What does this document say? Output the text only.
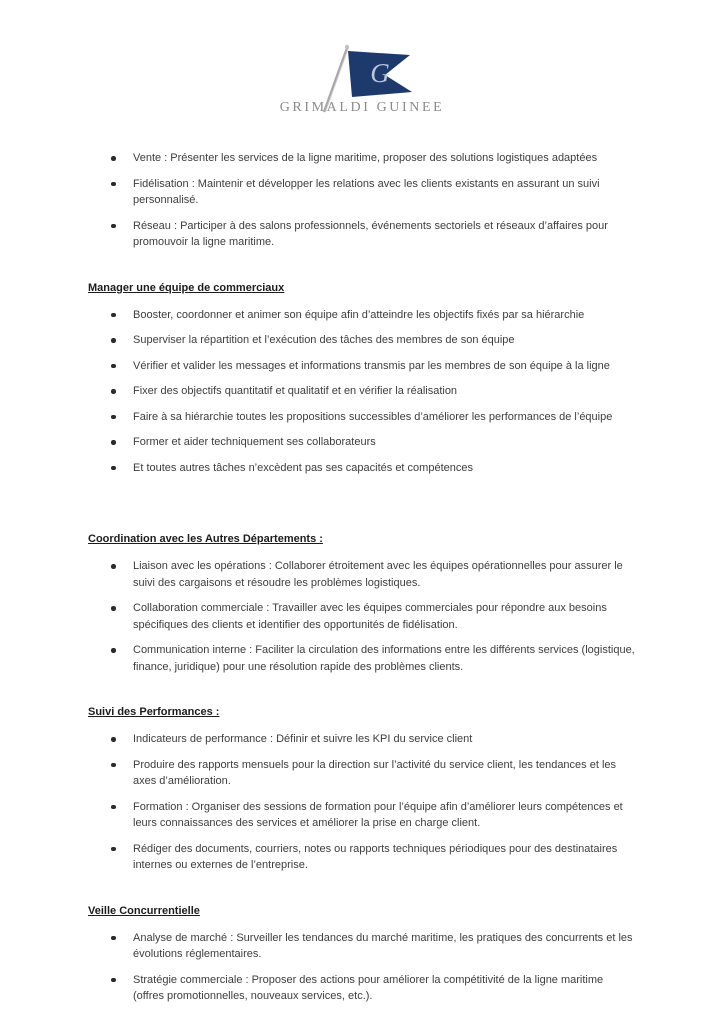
G
GRIMALDI GUINEE
Vente : Présenter les services de la ligne maritime, proposer des solutions logistiques adaptées
Fidélisation : Maintenir et développer les relations avec les clients existants en assurant un suivi personnalisé.
Réseau : Participer à des salons professionnels, événements sectoriels et réseaux d’affaires pour promouvoir la ligne maritime.
Manager une équipe de commerciaux
Booster, coordonner et animer son équipe afin d’atteindre les objectifs fixés par sa hiérarchie
Superviser la répartition et l’exécution des tâches des membres de son équipe
Vérifier et valider les messages et informations transmis par les membres de son équipe à la ligne
Fixer des objectifs quantitatif et qualitatif et en vérifier la réalisation
Faire à sa hiérarchie toutes les propositions successibles d’améliorer les performances de l’équipe
Former et aider techniquement ses collaborateurs
Et toutes autres tâches n’excèdent pas ses capacités et compétences
Coordination avec les Autres Départements :
Liaison avec les opérations : Collaborer étroitement avec les équipes opérationnelles pour assurer le suivi des cargaisons et résoudre les problèmes logistiques.
Collaboration commerciale : Travailler avec les équipes commerciales pour répondre aux besoins spécifiques des clients et identifier des opportunités de fidélisation.
Communication interne : Faciliter la circulation des informations entre les différents services (logistique, finance, juridique) pour une résolution rapide des problèmes clients.
Suivi des Performances :
Indicateurs de performance : Définir et suivre les KPI du service client
Produire des rapports mensuels pour la direction sur l’activité du service client, les tendances et les axes d’amélioration.
Formation : Organiser des sessions de formation pour l’équipe afin d’améliorer leurs compétences et leurs connaissances des services et améliorer la prise en charge client.
Rédiger des documents, courriers, notes ou rapports techniques périodiques pour des destinataires internes ou externes de l’entreprise.
Veille Concurrentielle
Analyse de marché : Surveiller les tendances du marché maritime, les pratiques des concurrents et les évolutions réglementaires.
Stratégie commerciale : Proposer des actions pour améliorer la compétitivité de la ligne maritime (offres promotionnelles, nouveaux services, etc.).
